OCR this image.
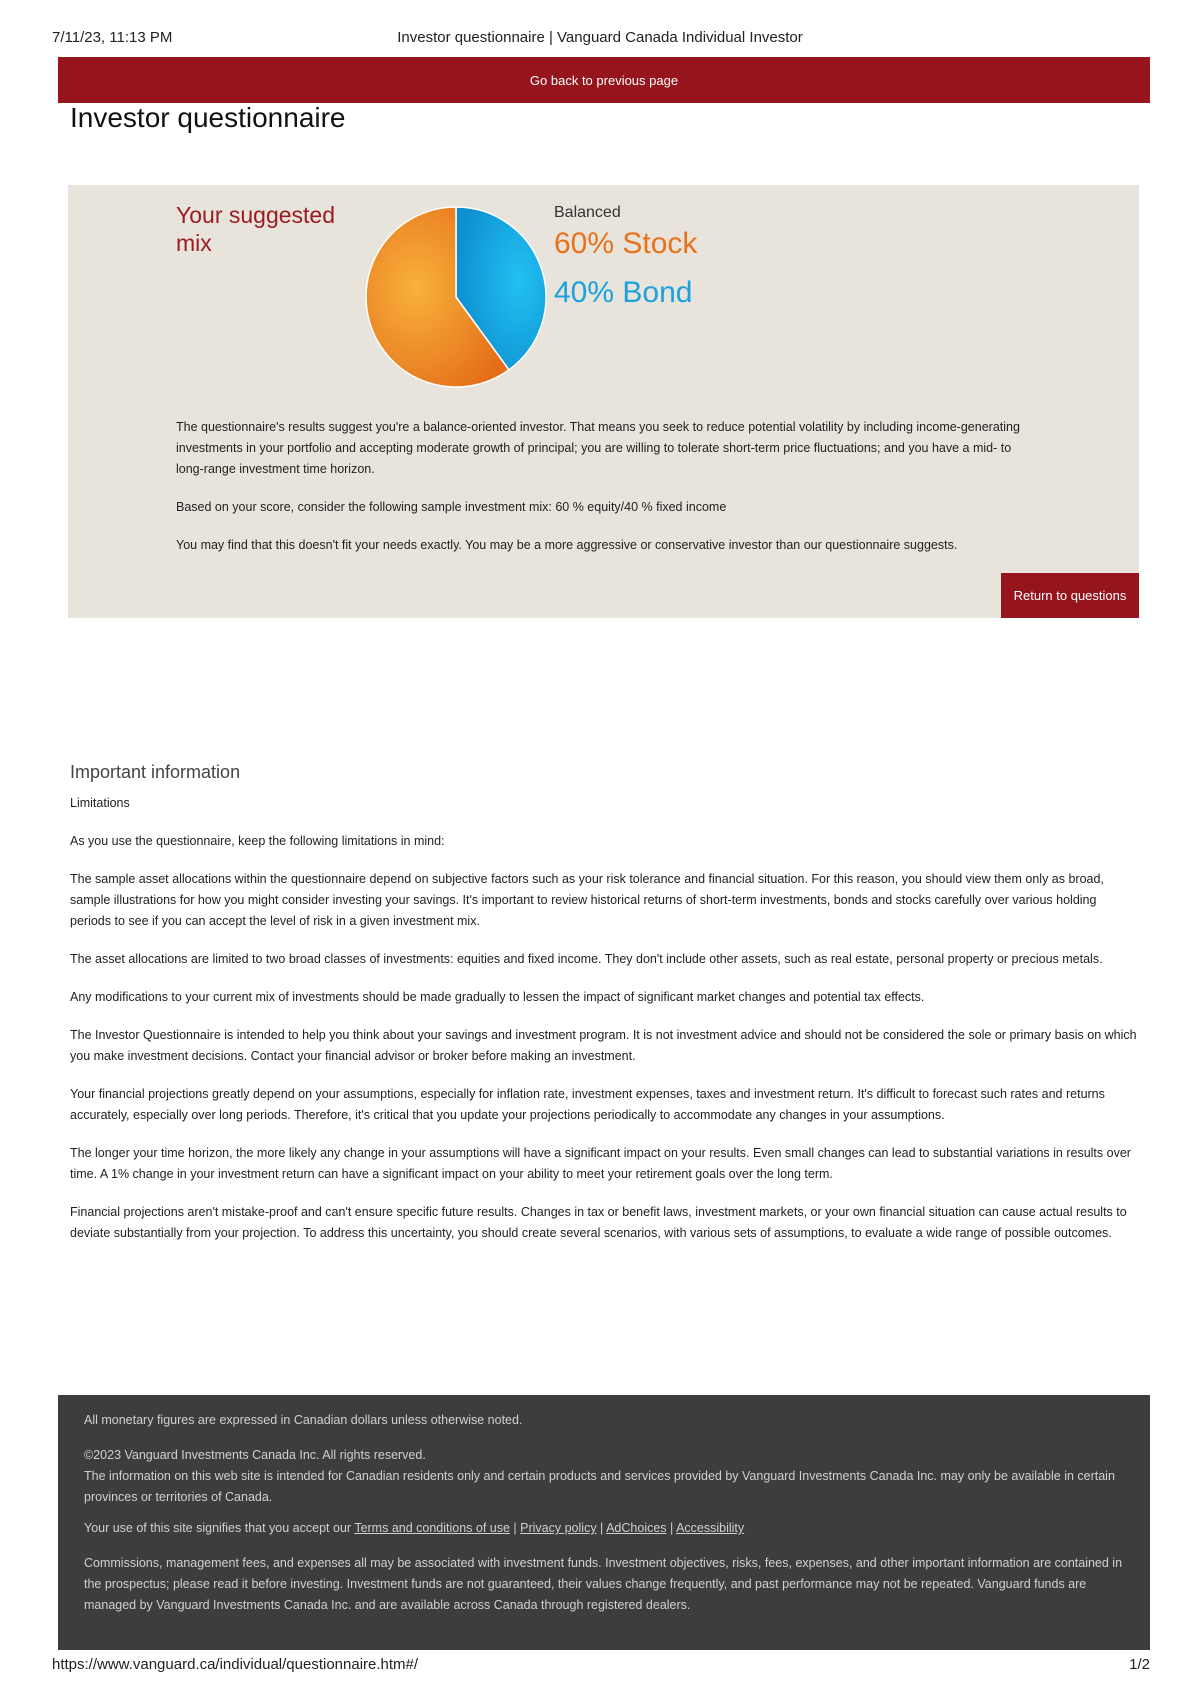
7/11/23, 11:13 PM	Investor questionnaire | Vanguard Canada Individual Investor
Go back to previous page
Investor questionnaire
Your suggested mix
Balanced
60% Stock
40% Bond

The questionnaire's results suggest you're a balance-oriented investor. That means you seek to reduce potential volatility by including income-generating investments in your portfolio and accepting moderate growth of principal; you are willing to tolerate short-term price fluctuations; and you have a mid- to long-range investment time horizon.

Based on your score, consider the following sample investment mix: 60 % equity/40 % fixed income

You may find that this doesn't fit your needs exactly. You may be a more aggressive or conservative investor than our questionnaire suggests.

Return to questions
Important information

Limitations

As you use the questionnaire, keep the following limitations in mind:

The sample asset allocations within the questionnaire depend on subjective factors such as your risk tolerance and financial situation. For this reason, you should view them only as broad, sample illustrations for how you might consider investing your savings. It's important to review historical returns of short-term investments, bonds and stocks carefully over various holding periods to see if you can accept the level of risk in a given investment mix.

The asset allocations are limited to two broad classes of investments: equities and fixed income. They don't include other assets, such as real estate, personal property or precious metals.

Any modifications to your current mix of investments should be made gradually to lessen the impact of significant market changes and potential tax effects.

The Investor Questionnaire is intended to help you think about your savings and investment program. It is not investment advice and should not be considered the sole or primary basis on which you make investment decisions. Contact your financial advisor or broker before making an investment.

Your financial projections greatly depend on your assumptions, especially for inflation rate, investment expenses, taxes and investment return. It's difficult to forecast such rates and returns accurately, especially over long periods. Therefore, it's critical that you update your projections periodically to accommodate any changes in your assumptions.

The longer your time horizon, the more likely any change in your assumptions will have a significant impact on your results. Even small changes can lead to substantial variations in results over time. A 1% change in your investment return can have a significant impact on your ability to meet your retirement goals over the long term.

Financial projections aren't mistake-proof and can't ensure specific future results. Changes in tax or benefit laws, investment markets, or your own financial situation can cause actual results to deviate substantially from your projection. To address this uncertainty, you should create several scenarios, with various sets of assumptions, to evaluate a wide range of possible outcomes.

All monetary figures are expressed in Canadian dollars unless otherwise noted.

©2023 Vanguard Investments Canada Inc. All rights reserved.
The information on this web site is intended for Canadian residents only and certain products and services provided by Vanguard Investments Canada Inc. may only be available in certain provinces or territories of Canada.

Your use of this site signifies that you accept our Terms and conditions of use | Privacy policy | AdChoices | Accessibility

Commissions, management fees, and expenses all may be associated with investment funds. Investment objectives, risks, fees, expenses, and other important information are contained in the prospectus; please read it before investing. Investment funds are not guaranteed, their values change frequently, and past performance may not be repeated. Vanguard funds are managed by Vanguard Investments Canada Inc. and are available across Canada through registered dealers.

https://www.vanguard.ca/individual/questionnaire.htm#/	1/2
